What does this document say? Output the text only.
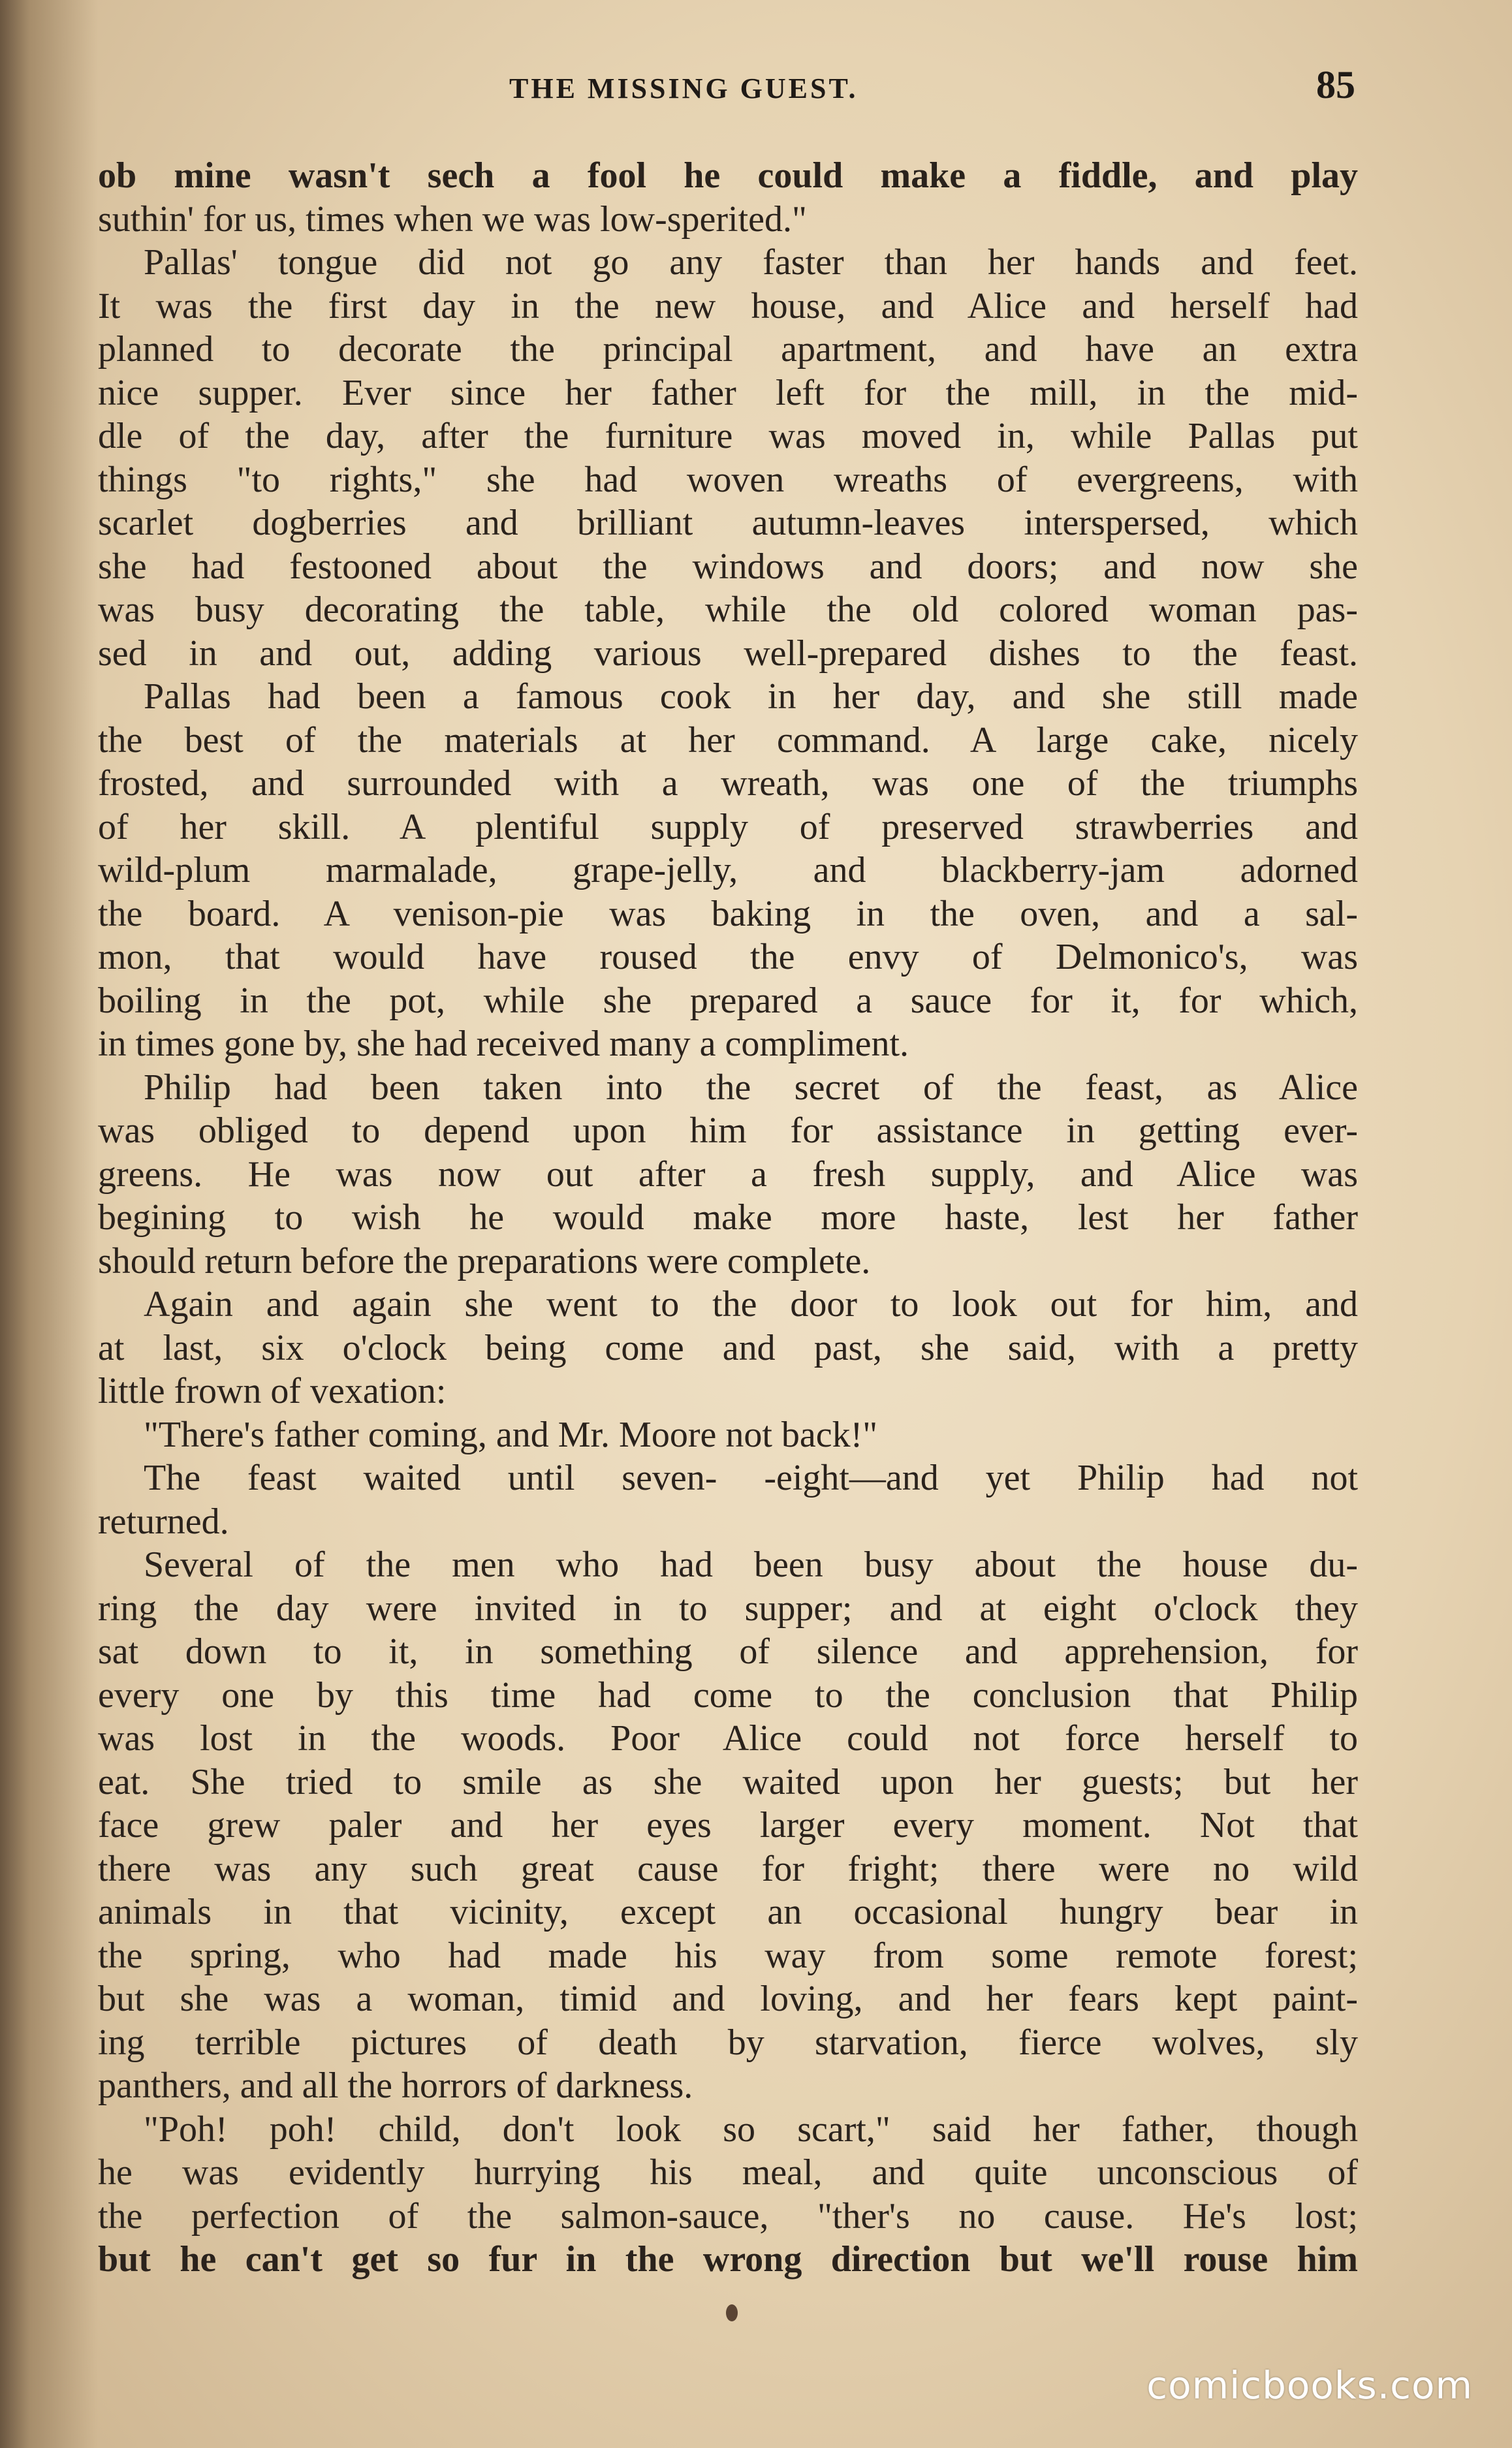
THE MISSING GUEST.	85
ob mine wasn't sech a fool he could make a fiddle, and play
suthin' for us, times when we was low-sperited."
Pallas' tongue did not go any faster than her hands and feet.
It was the first day in the new house, and Alice and herself had
planned to decorate the principal apartment, and have an extra
nice supper. Ever since her father left for the mill, in the mid-
dle of the day, after the furniture was moved in, while Pallas put
things "to rights," she had woven wreaths of evergreens, with
scarlet dogberries and brilliant autumn-leaves interspersed, which
she had festooned about the windows and doors; and now she
was busy decorating the table, while the old colored woman pas-
sed in and out, adding various well-prepared dishes to the feast.
Pallas had been a famous cook in her day, and she still made
the best of the materials at her command. A large cake, nicely
frosted, and surrounded with a wreath, was one of the triumphs
of her skill. A plentiful supply of preserved strawberries and
wild-plum marmalade, grape-jelly, and blackberry-jam adorned
the board. A venison-pie was baking in the oven, and a sal-
mon, that would have roused the envy of Delmonico's, was
boiling in the pot, while she prepared a sauce for it, for which,
in times gone by, she had received many a compliment.
Philip had been taken into the secret of the feast, as Alice
was obliged to depend upon him for assistance in getting ever-
greens. He was now out after a fresh supply, and Alice was
begining to wish he would make more haste, lest her father
should return before the preparations were complete.
Again and again she went to the door to look out for him, and
at last, six o'clock being come and past, she said, with a pretty
little frown of vexation:
"There's father coming, and Mr. Moore not back!"
The feast waited until seven- -eight—and yet Philip had not
returned.
Several of the men who had been busy about the house du-
ring the day were invited in to supper; and at eight o'clock they
sat down to it, in something of silence and apprehension, for
every one by this time had come to the conclusion that Philip
was lost in the woods. Poor Alice could not force herself to
eat. She tried to smile as she waited upon her guests; but her
face grew paler and her eyes larger every moment. Not that
there was any such great cause for fright; there were no wild
animals in that vicinity, except an occasional hungry bear in
the spring, who had made his way from some remote forest;
but she was a woman, timid and loving, and her fears kept paint-
ing terrible pictures of death by starvation, fierce wolves, sly
panthers, and all the horrors of darkness.
"Poh! poh! child, don't look so scart," said her father, though
he was evidently hurrying his meal, and quite unconscious of
the perfection of the salmon-sauce, "ther's no cause. He's lost;
but he can't get so fur in the wrong direction but we'll rouse him
comicbooks.com
